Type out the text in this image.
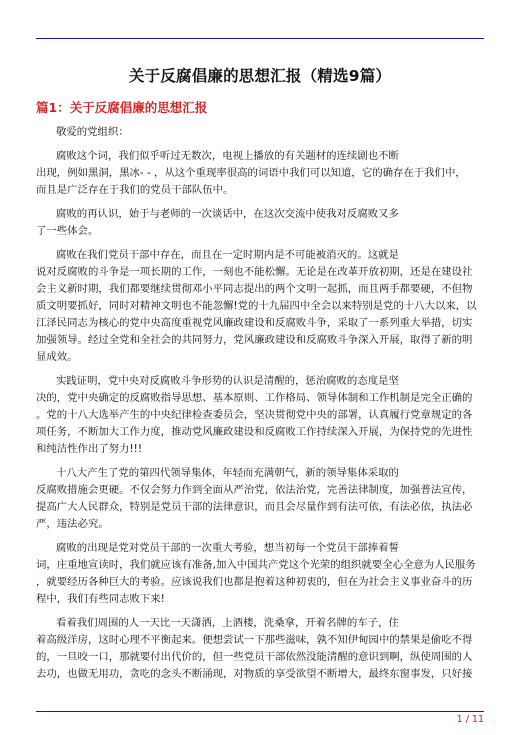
关于反腐倡廉的思想汇报（精选9篇）
篇1：关于反腐倡廉的思想汇报
敬爱的党组织：
腐败这个词，我们似乎听过无数次，电视上播放的有关题材的连续剧也不断
出现，例如黑洞，黑冰- - ，从这个重现率很高的词语中我们可以知道，它的确存在于我们中，
而且是广泛存在于我们的党员干部队伍中。
腐败的再认识，始于与老师的一次谈话中，在这次交流中使我对反腐败又多
了一些体会。
腐败在我们党员干部中存在，而且在一定时期内是不可能被消灭的。这就是
说对反腐败的斗争是一项长期的工作，一刻也不能松懈。无论是在改革开放初期，还是在建设社
会主义新时期，我们都要继续贯彻邓小平同志提出的两个文明一起抓，而且两手都要硬，不但物
质文明要抓好，同时对精神文明也不能忽懈!党的十九届四中全会以来特别是党的十八大以来，以
江泽民同志为核心的党中央高度重视党风廉政建设和反腐败斗争，采取了一系列重大举措，切实
加强领导。经过全党和全社会的共同努力，党风廉政建设和反腐败斗争深入开展，取得了新的明
显成效。
实践证明，党中央对反腐败斗争形势的认识是清醒的，惩治腐败的态度是坚
决的，党中央确定的反腐败指导思想、基本原则、工作格局、领导体制和工作机制是完全正确的
。党的十八大选举产生的中央纪律检查委员会，坚决贯彻党中央的部署，认真履行党章规定的各
项任务，不断加大工作力度，推动党风廉政建设和反腐败工作持续深入开展，为保持党的先进性
和纯洁性作出了努力!!!
十八大产生了党的第四代领导集体，年轻而充满朝气，新的领导集体采取的
反腐败措施会更硬。不仅会努力作到全面从严治党，依法治党，完善法律制度，加强普法宣传，
提高广大人民群众，特别是党员干部的法律意识，而且会尽量作到有法可依，有法必依，执法必
严，违法必究。
腐败的出现是党对党员干部的一次重大考验，想当初每一个党员干部捧着誓
词，庄重地宣读时，我们就应该有准备,加入中国共产党这个光荣的组织就要全心全意为人民服务
，就要经历各种巨大的考验。应该说我们也都是抱着这种初衷的，但在为社会主义事业奋斗的历
程中，我们有些同志败下来!
看着我们周围的人一天比一天潇洒，上酒楼，洗桑拿，开着名牌的车子，住
着高级洋房，这时心理不平衡起来。便想尝试一下那些滋味，孰不知伊甸园中的禁果是偷吃不得
的，一旦咬一口，那就要付出代价的，但一些党员干部依然没能清醒的意识到啊，纵使周围的人
去功，也做无用功，贪吃的念头不断涌现，对物质的享受欲望不断增大，最终东窗事发，只好接
1 / 11
